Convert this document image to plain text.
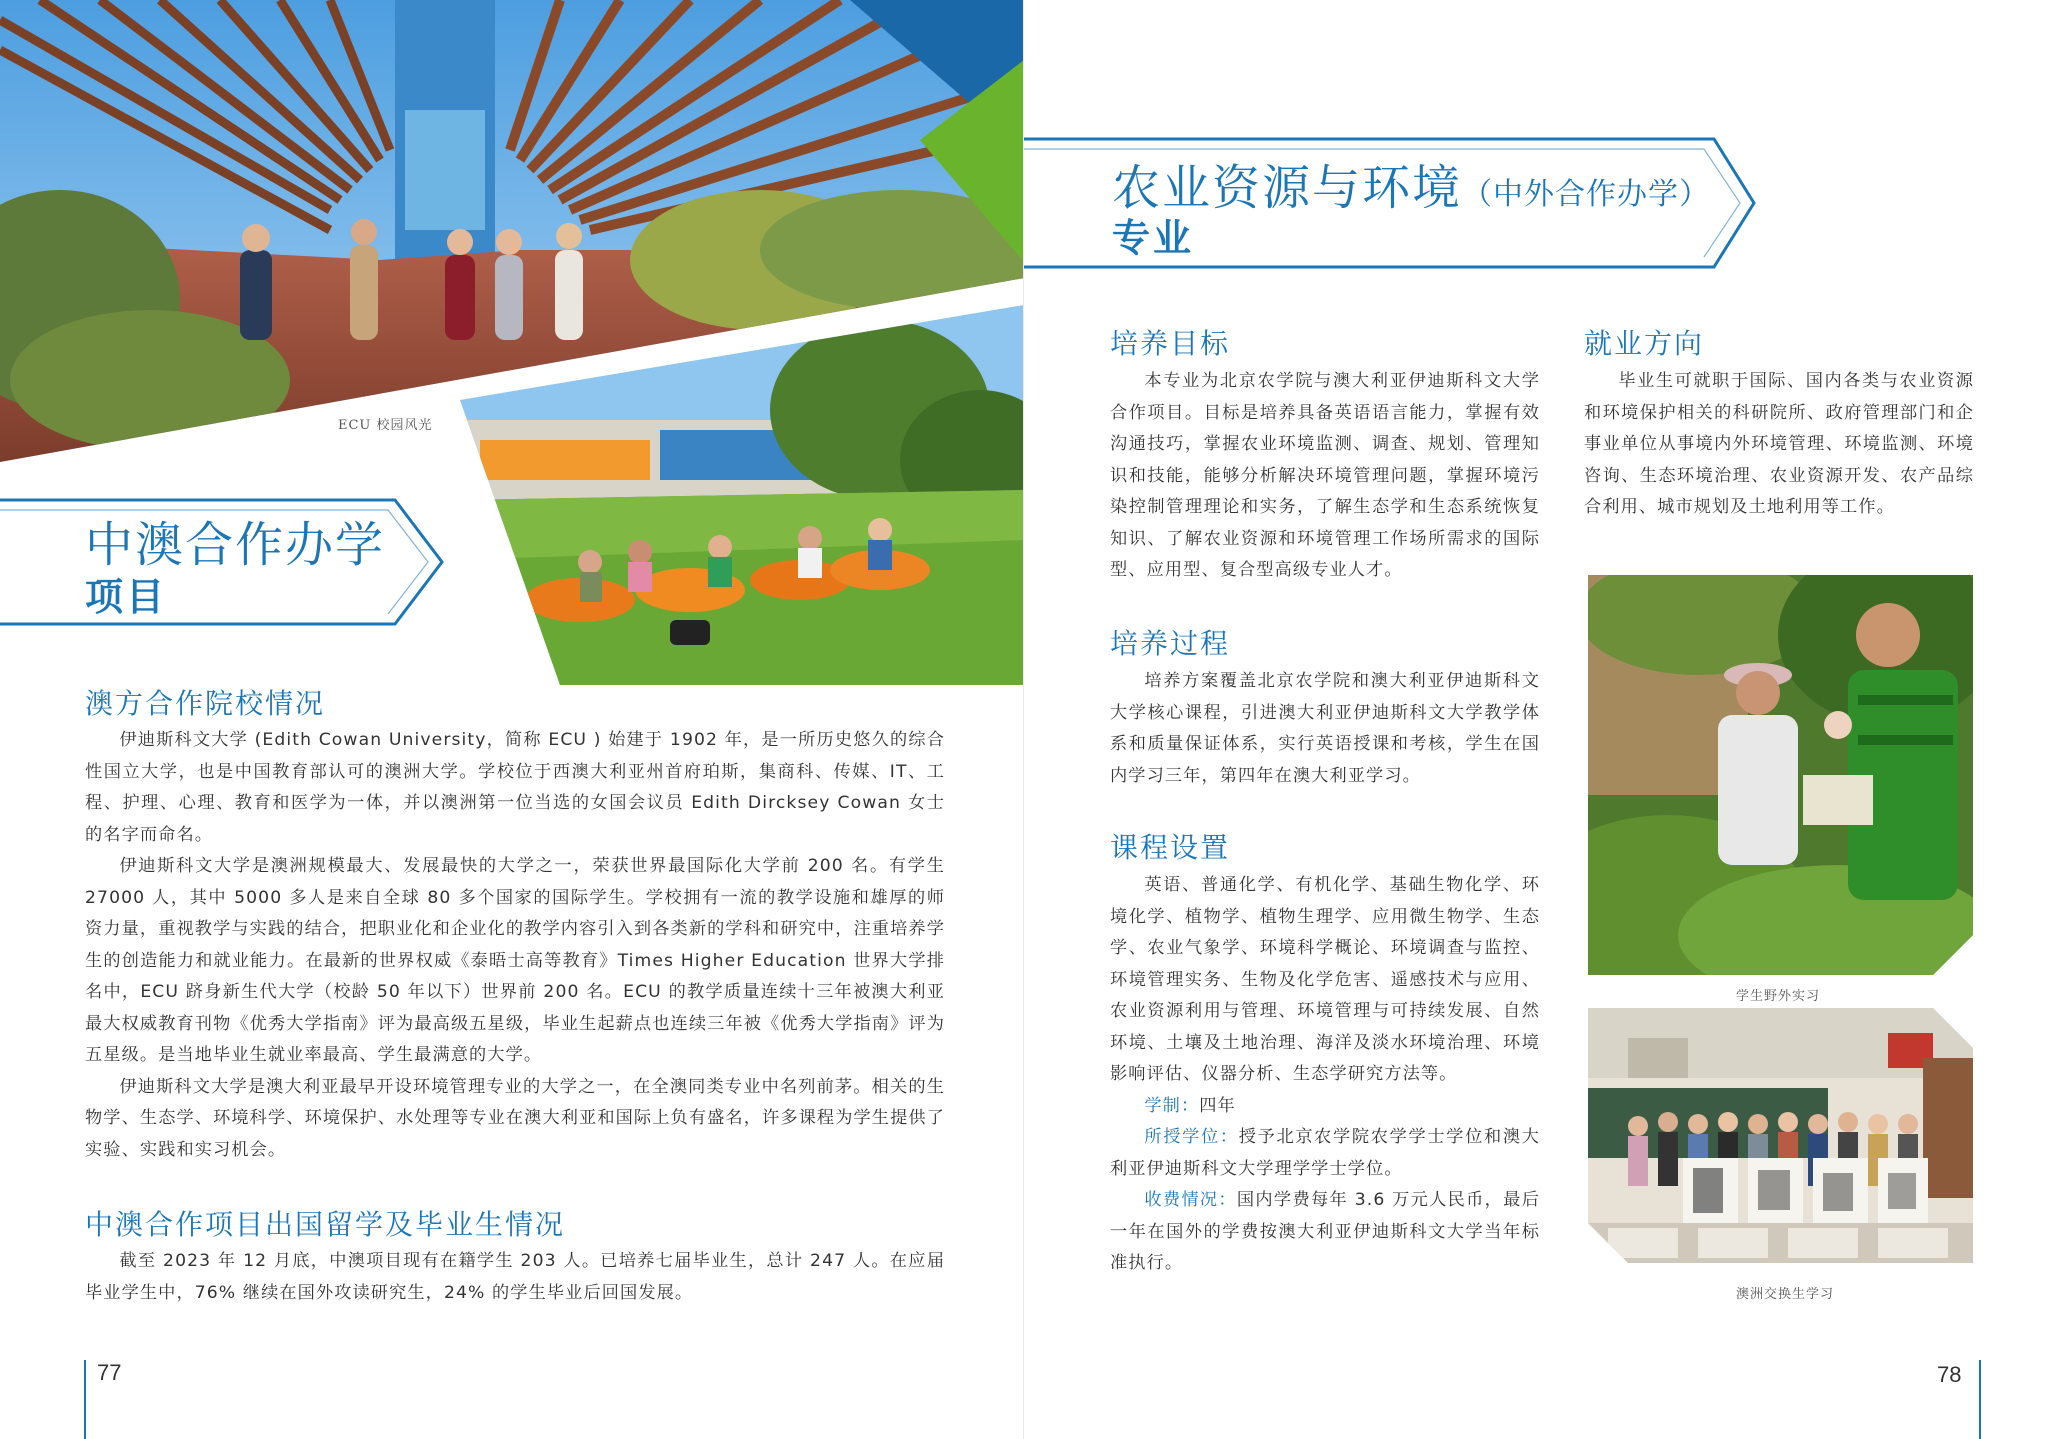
ECU 校园风光
中澳合作办学
项目
澳方合作院校情况

伊迪斯科文大学 (Edith Cowan University，简称 ECU ) 始建于 1902 年，是一所历史悠久的综合性国立大学，也是中国教育部认可的澳洲大学。学校位于西澳大利亚州首府珀斯，集商科、传媒、IT、工程、护理、心理、教育和医学为一体，并以澳洲第一位当选的女国会议员 Edith Dircksey Cowan 女士的名字而命名。

伊迪斯科文大学是澳洲规模最大、发展最快的大学之一，荣获世界最国际化大学前 200 名。有学生 27000 人，其中 5000 多人是来自全球 80 多个国家的国际学生。学校拥有一流的教学设施和雄厚的师资力量，重视教学与实践的结合，把职业化和企业化的教学内容引入到各类新的学科和研究中，注重培养学生的创造能力和就业能力。在最新的世界权威《泰晤士高等教育》Times Higher Education 世界大学排名中，ECU 跻身新生代大学（校龄 50 年以下）世界前 200 名。ECU 的教学质量连续十三年被澳大利亚最大权威教育刊物《优秀大学指南》评为最高级五星级，毕业生起薪点也连续三年被《优秀大学指南》评为五星级。是当地毕业生就业率最高、学生最满意的大学。

伊迪斯科文大学是澳大利亚最早开设环境管理专业的大学之一，在全澳同类专业中名列前茅。相关的生物学、生态学、环境科学、环境保护、水处理等专业在澳大利亚和国际上负有盛名，许多课程为学生提供了实验、实践和实习机会。

中澳合作项目出国留学及毕业生情况

截至 2023 年 12 月底，中澳项目现有在籍学生 203 人。已培养七届毕业生，总计 247 人。在应届毕业学生中，76% 继续在国外攻读研究生，24% 的学生毕业后回国发展。

77
农业资源与环境（中外合作办学）
专业
培养目标

本专业为北京农学院与澳大利亚伊迪斯科文大学合作项目。目标是培养具备英语语言能力，掌握有效沟通技巧，掌握农业环境监测、调查、规划、管理知识和技能，能够分析解决环境管理问题，掌握环境污染控制管理理论和实务，了解生态学和生态系统恢复知识、了解农业资源和环境管理工作场所需求的国际型、应用型、复合型高级专业人才。

培养过程

培养方案覆盖北京农学院和澳大利亚伊迪斯科文大学核心课程，引进澳大利亚伊迪斯科文大学教学体系和质量保证体系，实行英语授课和考核，学生在国内学习三年，第四年在澳大利亚学习。

课程设置

英语、普通化学、有机化学、基础生物化学、环境化学、植物学、植物生理学、应用微生物学、生态学、农业气象学、环境科学概论、环境调查与监控、环境管理实务、生物及化学危害、遥感技术与应用、农业资源利用与管理、环境管理与可持续发展、自然环境、土壤及土地治理、海洋及淡水环境治理、环境影响评估、仪器分析、生态学研究方法等。

学制：四年

所授学位：授予北京农学院农学学士学位和澳大利亚伊迪斯科文大学理学学士学位。

收费情况：国内学费每年 3.6 万元人民币，最后一年在国外的学费按澳大利亚伊迪斯科文大学当年标准执行。

就业方向

毕业生可就职于国际、国内各类与农业资源和环境保护相关的科研院所、政府管理部门和企事业单位从事境内外环境管理、环境监测、环境咨询、生态环境治理、农业资源开发、农产品综合利用、城市规划及土地利用等工作。

学生野外实习
澳洲交换生学习
78
